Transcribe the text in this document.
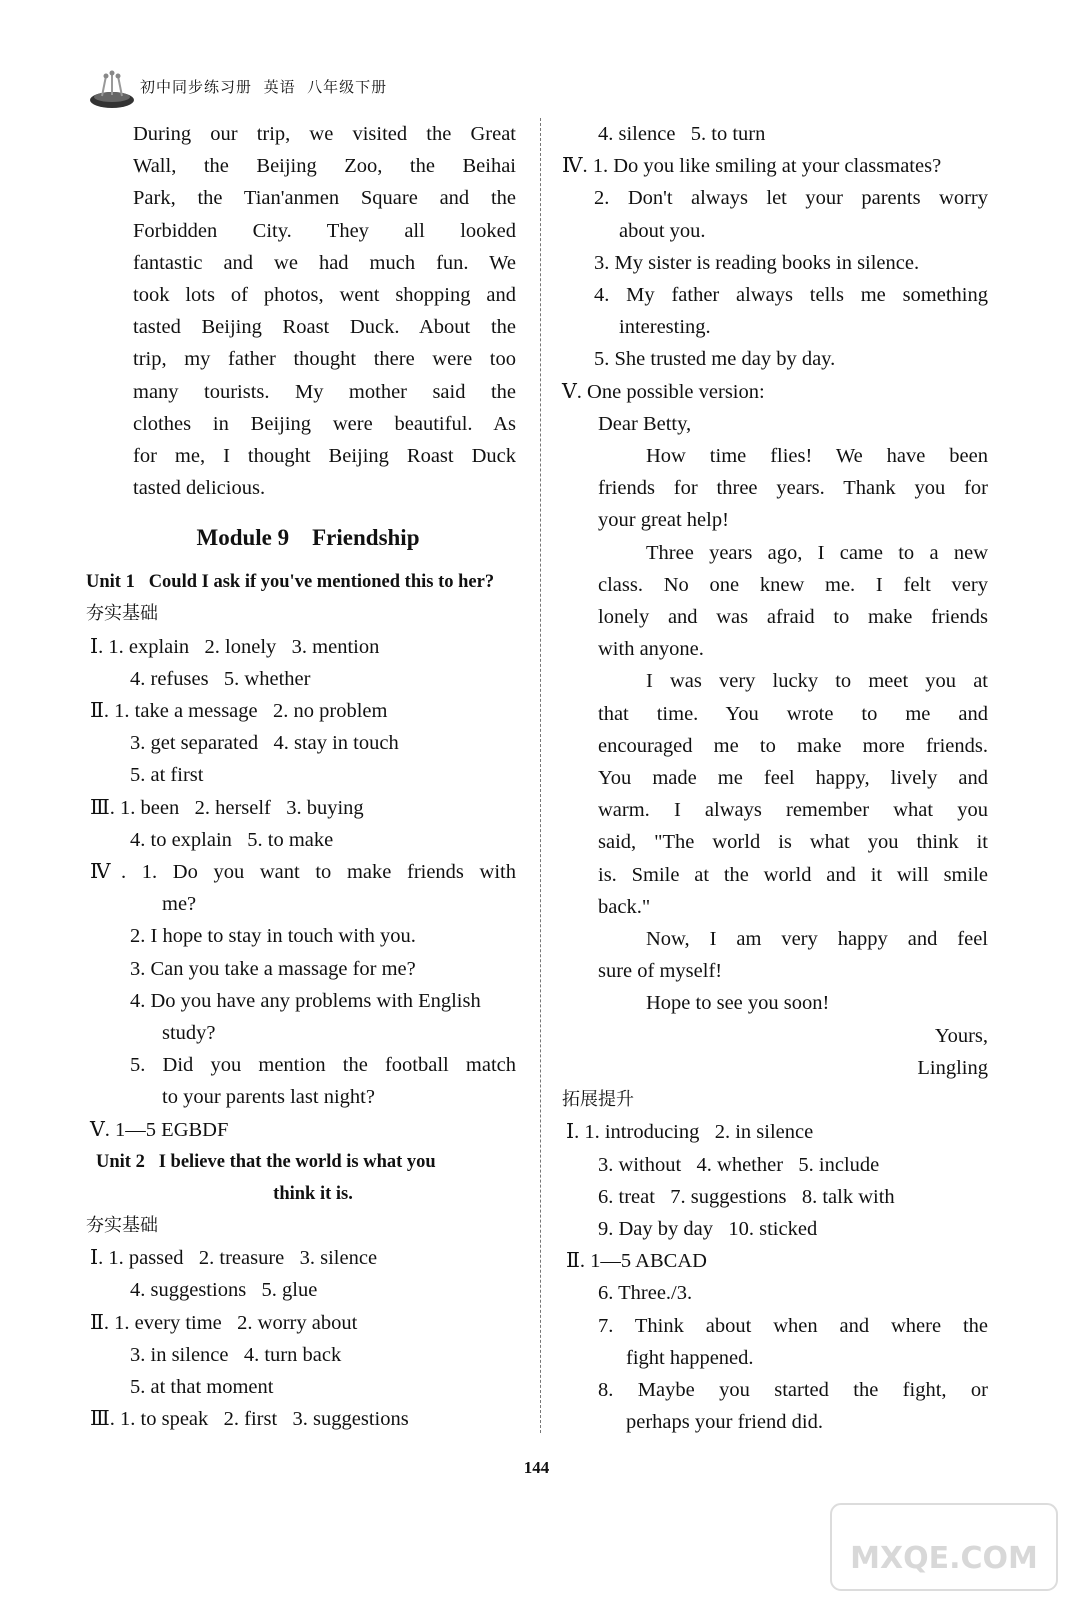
初中同步练习册 英语 八年级下册
During our trip, we visited the Great
Wall, the Beijing Zoo, the Beihai
Park, the Tian'anmen Square and the
Forbidden City. They all looked
fantastic and we had much fun. We
took lots of photos, went shopping and
tasted Beijing Roast Duck. About the
trip, my father thought there were too
many tourists. My mother said the
clothes in Beijing were beautiful. As
for me, I thought Beijing Roast Duck
tasted delicious.
Module 9    Friendship
Unit 1   Could I ask if you've mentioned this to her?
夯实基础
Ⅰ. 1. explain   2. lonely   3. mention
4. refuses   5. whether
Ⅱ. 1. take a message   2. no problem
3. get separated   4. stay in touch
5. at first
Ⅲ. 1. been   2. herself   3. buying
4. to explain   5. to make
Ⅳ. 1. Do you want to make friends with
me?
2. I hope to stay in touch with you.
3. Can you take a massage for me?
4. Do you have any problems with English
study?
5. Did you mention the football match
to your parents last night?
Ⅴ. 1—5 EGBDF
Unit 2   I believe that the world is what you
think it is.
夯实基础
Ⅰ. 1. passed   2. treasure   3. silence
4. suggestions   5. glue
Ⅱ. 1. every time   2. worry about
3. in silence   4. turn back
5. at that moment
Ⅲ. 1. to speak   2. first   3. suggestions
4. silence   5. to turn
Ⅳ. 1. Do you like smiling at your classmates?
2. Don't always let your parents worry
about you.
3. My sister is reading books in silence.
4. My father always tells me something
interesting.
5. She trusted me day by day.
Ⅴ. One possible version:
Dear Betty,
How time flies! We have been
friends for three years. Thank you for
your great help!
Three years ago, I came to a new
class. No one knew me. I felt very
lonely and was afraid to make friends
with anyone.
I was very lucky to meet you at
that time. You wrote to me and
encouraged me to make more friends.
You made me feel happy, lively and
warm. I always remember what you
said, "The world is what you think it
is. Smile at the world and it will smile
back."
Now, I am very happy and feel
sure of myself!
Hope to see you soon!
Yours,
Lingling
拓展提升
Ⅰ. 1. introducing   2. in silence
3. without   4. whether   5. include
6. treat   7. suggestions   8. talk with
9. Day by day   10. sticked
Ⅱ. 1—5 ABCAD
6. Three./3.
7. Think about when and where the
fight happened.
8. Maybe you started the fight, or
perhaps your friend did.
144
MXQE.COM
